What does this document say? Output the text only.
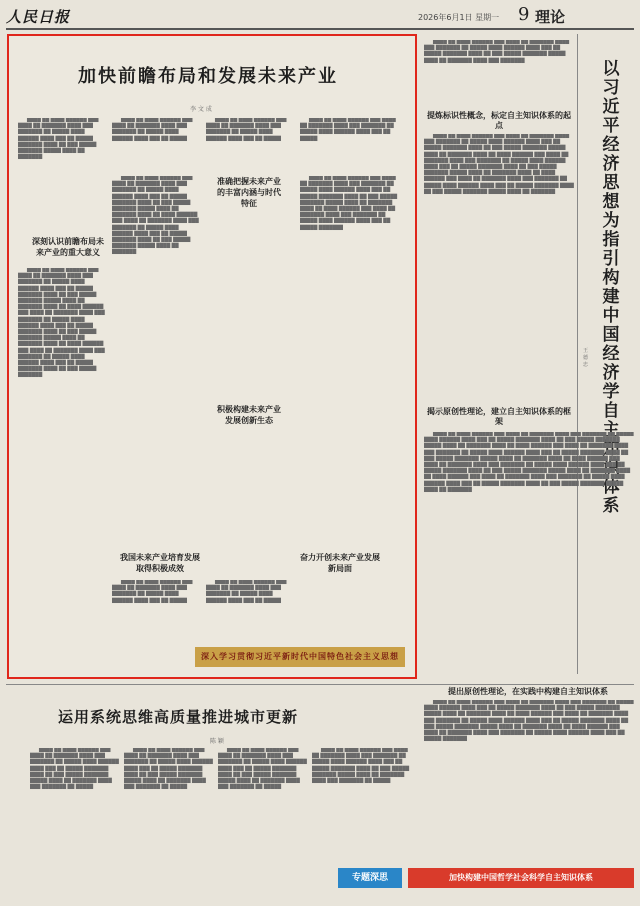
人民日报	2026年6月1日 星期一 9 理论
加快前瞻布局和发展未来产业
李 文 成

████ ██ ████ ██████ ███ ████ ██ ███████ ████ ███ ███████ ██ █████ ████ ██████ ████ ███ ██ █████ ███████ ████ ██ ███ █████ ███████ █████ ████ ██ ███████

████ ██ ████ ██████ ███ ████ ██ ███████ ████ ███ ███████ ██ █████ ████ ██████ ████ ███ ██ █████

████ ██ ████ ██████ ███ ████ ██ ███████ ████ ███ ███████ ██ █████ ████ ██████ ████ ███ ██ █████

████ ██ ████ ██████ ███ ████ ██ ███████ ████ ███ ███████ ██ █████ ████ ██████ ████ ███ ██ █████

深刻认识前瞻布局未来产业的重大意义
准确把握未来产业的丰富内涵与时代特征
积极构建未来产业发展创新生态
我国未来产业培育发展取得积极成效
奋力开创未来产业发展新局面

████ ██ ████ ██████ ███ ████ ██ ███████ ████ ███ ███████ ██ █████ ████ ██████ ████ ███ ██ █████ ███████ ████ ██ ███ █████ ███████ █████ ████ ██ ███████ ████ ██ ████ ██████ ███ ████ ██ ███████ ████ ███ ███████ ██ █████ ████ ██████ ████ ███ ██ █████ ███████ ████ ██ ███ █████ ███████ █████ ████ ██ ███████ ████ ██ ████ ██████ ███ ████ ██ ███████ ████ ███ ███████ ██ █████ ████ ██████ ████ ███ ██ █████ ███████ ████ ██ ███ █████ ███████

████ ██ ████ ██████ ███ ████ ██ ███████ ████ ███ ███████ ██ █████ ████ ██████ ████ ███ ██ █████ ███████ ████ ██ ███ █████ ███████ █████ ████ ██ ███████ ████ ██ ████ ██████ ███ ████ ██ ███████ ████ ███ ███████ ██ █████ ████ ██████ ████ ███ ██ █████ ███████ ████ ██ ███ █████ ███████ █████ ████ ██ ███████

████ ██ ████ ██████ ███ ████ ██ ███████ ████ ███ ███████ ██ █████ ████ ██████ ████ ███ ██ █████ ███████ ████ ██ ███ █████ ███████ █████ ████ ██ ███████ ████ ██ ████ ██████ ███ ████ ██ ███████ ████ ███ ███████ ██ █████ ████ ██████ ████ ███ ██ █████ ███████

████ ██ ████ ██████ ███ ████ ██ ███████ ████ ███ ███████ ██ █████ ████ ██████ ████ ███ ██ █████

████ ██ ████ ██████ ███ ████ ██ ███████ ████ ███ ███████ ██ █████ ████ ██████ ████ ███ ██ █████

深入学习贯彻习近平新时代中国特色社会主义思想
以习近平经济思想为指引构建中国经济学自主知识体系
王德忠

████ ██ ████ ██████ ███ ████ ██ ███████ ████ ███ ███████ ██ █████ ████ ██████ ████ ███ ██ █████ ███████ ████ ██ ███ █████ ███████ █████ ████ ██ ███████ ████ ███ ███████

提炼标识性概念，标定自主知识体系的起点

████ ██ ████ ██████ ███ ████ ██ ███████ ████ ███ ███████ ██ █████ ████ ██████ ████ ███ ██ █████ ███████ ████ ██ ███ █████ ███████ █████ ████ ██ ███████ ████ ██ ████ ██████ ███ ████ ██ ███████ ████ ███ ███████ ██ █████ ████ ██████ ████ ███ ██ █████ ███████ ████ ██ ███ █████ ███████ █████ ████ ██ ███████ ████ ██ ████ ██████ ███ ████ ██ ███████ ████ ███ ███████ ██ █████ ████ ██████ ████ ███ ██ █████ ███████ ████ ██ ███ █████ ███████ █████ ████ ██ ███████

揭示原创性理论，建立自主知识体系的框架

████ ██ ████ ██████ ███ ████ ██ ███████ ████ ███ ███████ ██ █████ ████ ██████ ████ ███ ██ █████ ███████ ████ ██ ███ █████ ███████ █████ ████ ██ ███████ ████ ██ ████ ██████ ███ ████ ██ ███████ ████ ███ ███████ ██ █████ ████ ██████ ████ ███ ██ █████ ███████ ████ ██ ███ █████ ███████ █████ ████ ██ ███████ ████ ██ ████ ██████ ███ ████ ██ ███████ ████ ███ ███████ ██ █████ ████ ██████ ████ ███ ██ █████ ███████ ████ ██ ███ █████ ███████ █████ ████ ██ ███████ ████ ██ ████ ██████ ███ ████ ██ ███████ ████ ███ ███████ ██ █████ ████ ██████ ████ ███ ██ █████ ███████ ████ ██ ███ █████ ███████ █████ ████ ██ ███████

运用系统思维高质量推进城市更新
陈 颖

████ ██ ████ ██████ ███ ████ ██ ███████ ████ ███ ███████ ██ █████ ████ ██████ ████ ███ ██ █████ ███████ ████ ██ ███ █████ ███████ █████ ████ ██ ███████ ████ ███ ███████ ██ █████

████ ██ ████ ██████ ███ ████ ██ ███████ ████ ███ ███████ ██ █████ ████ ██████ ████ ███ ██ █████ ███████ ████ ██ ███ █████ ███████ █████ ████ ██ ███████ ████ ███ ███████ ██ █████

████ ██ ████ ██████ ███ ████ ██ ███████ ████ ███ ███████ ██ █████ ████ ██████ ████ ███ ██ █████ ███████ ████ ██ ███ █████ ███████ █████ ████ ██ ███████ ████ ███ ███████ ██ █████

████ ██ ████ ██████ ███ ████ ██ ███████ ████ ███ ███████ ██ █████ ████ ██████ ████ ███ ██ █████ ███████ ████ ██ ███ █████ ███████ █████ ████ ██ ███████ ████ ███ ███████ ██ █████

提出原创性理论，在实践中构建自主知识体系

████ ██ ████ ██████ ███ ████ ██ ███████ ████ ███ ███████ ██ █████ ████ ██████ ████ ███ ██ █████ ███████ ████ ██ ███ █████ ███████ █████ ████ ██ ███████ ████ ██ ████ ██████ ███ ████ ██ ███████ ████ ███ ███████ ██ █████ ████ ██████ ████ ███ ██ █████ ███████ ████ ██ ███ █████ ███████ █████ ████ ██ ███████ ████ ██ ████ ██████ ███ ████ ██ ███████ ████ ███ ███████ ██ █████ ████ ██████ ████ ███ ██ █████ ███████

专题深思	加快构建中国哲学社会科学自主知识体系
